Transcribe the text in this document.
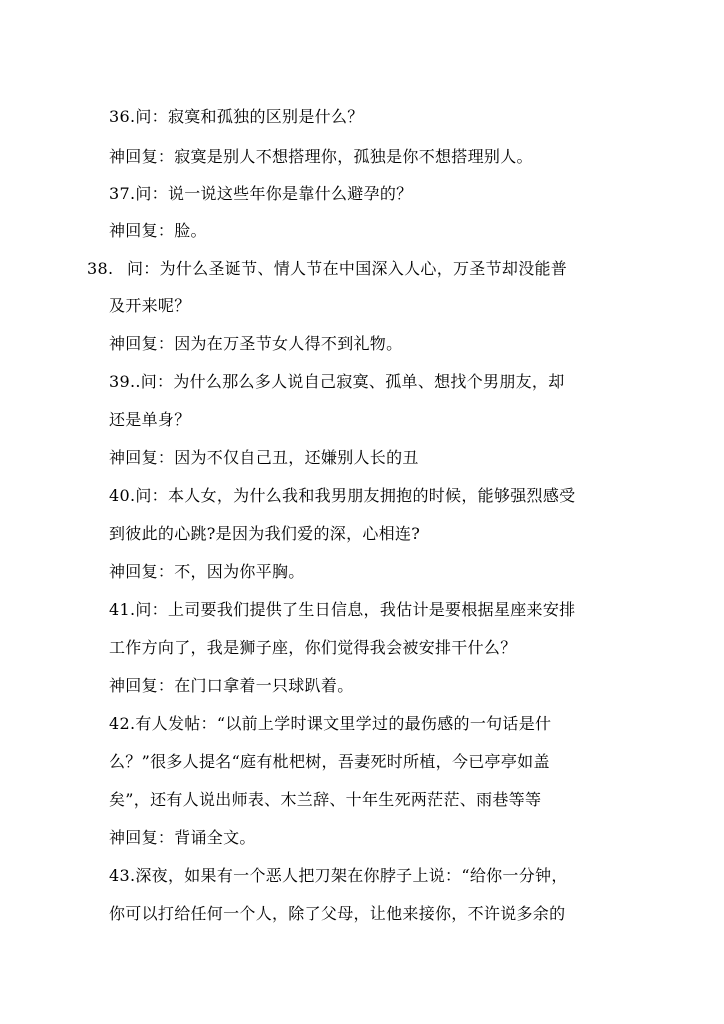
36.问：寂寞和孤独的区别是什么？
神回复：寂寞是别人不想搭理你，孤独是你不想搭理别人。
37.问：说一说这些年你是靠什么避孕的？
神回复：脸。
38. 问：为什么圣诞节、情人节在中国深入人心，万圣节却没能普
及开来呢？
神回复：因为在万圣节女人得不到礼物。
39..问：为什么那么多人说自己寂寞、孤单、想找个男朋友，却
还是单身？
神回复：因为不仅自己丑，还嫌别人长的丑
40.问：本人女，为什么我和我男朋友拥抱的时候，能够强烈感受
到彼此的心跳?是因为我们爱的深，心相连?
神回复：不，因为你平胸。
41.问：上司要我们提供了生日信息，我估计是要根据星座来安排
工作方向了，我是狮子座，你们觉得我会被安排干什么？
神回复：在门口拿着一只球趴着。
42.有人发帖：“以前上学时课文里学过的最伤感的一句话是什
么？”很多人提名“庭有枇杷树，吾妻死时所植，今已亭亭如盖
矣”，还有人说出师表、木兰辞、十年生死两茫茫、雨巷等等
神回复：背诵全文。
43.深夜，如果有一个恶人把刀架在你脖子上说：“给你一分钟，
你可以打给任何一个人，除了父母，让他来接你，不许说多余的
